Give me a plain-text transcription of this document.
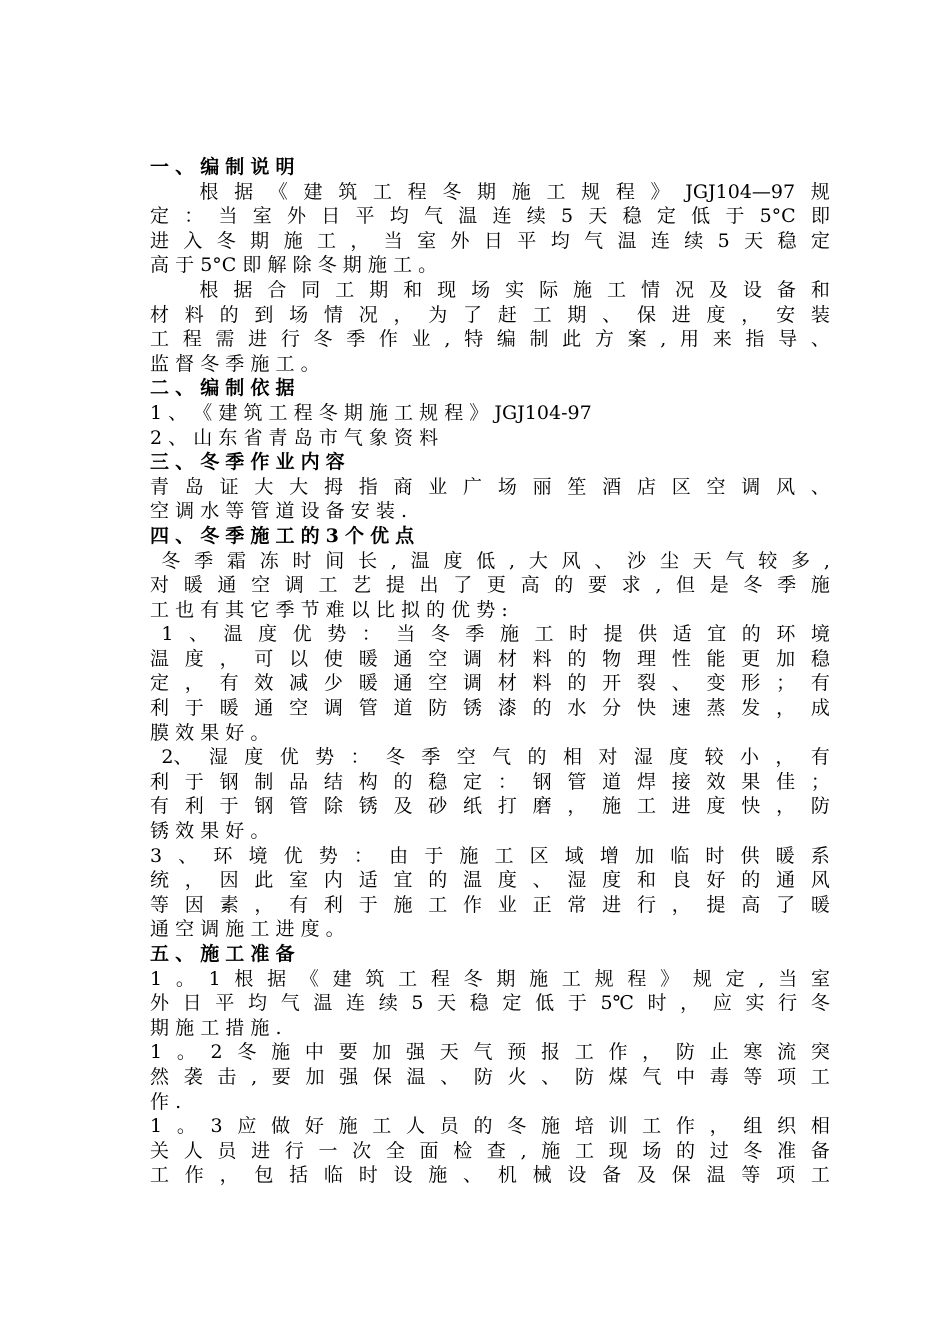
一 、 编 制 说 明
根 据 《 建 筑 工 程 冬 期 施 工 规 程 》 JGJ104—97 规
定 ： 当 室 外 日 平 均 气 温 连 续 5 天 稳 定 低 于 5°C 即
进 入 冬 期 施 工 ， 当 室 外 日 平 均 气 温 连 续 5 天 稳 定
高 于 5°C 即 解 除 冬 期 施 工 。
根 据 合 同 工 期 和 现 场 实 际 施 工 情 况 及 设 备 和
材 料 的 到 场 情 况 ， 为 了 赶 工 期 、 保 进 度 ， 安 装
工 程 需 进 行 冬 季 作 业 , 特 编 制 此 方 案 , 用 来 指 导 、
监 督 冬 季 施 工 。
二 、 编 制 依 据
1 、 《 建 筑 工 程 冬 期 施 工 规 程 》 JGJ104-97
2 、 山 东 省 青 岛 市 气 象 资 料
三 、 冬 季 作 业 内 容
青 岛 证 大 大 拇 指 商 业 广 场 丽 笙 酒 店 区 空 调 风 、
空 调 水 等 管 道 设 备 安 装 .
四 、 冬 季 施 工 的 3 个 优 点
冬 季 霜 冻 时 间 长 , 温 度 低 , 大 风 、 沙 尘 天 气 较 多 ,
对 暖 通 空 调 工 艺 提 出 了 更 高 的 要 求 , 但 是 冬 季 施
工 也 有 其 它 季 节 难 以 比 拟 的 优 势 :
1 、 温 度 优 势 ： 当 冬 季 施 工 时 提 供 适 宜 的 环 境
温 度 ， 可 以 使 暖 通 空 调 材 料 的 物 理 性 能 更 加 稳
定 ， 有 效 减 少 暖 通 空 调 材 料 的 开 裂 、 变 形 ； 有
利 于 暖 通 空 调 管 道 防 锈 漆 的 水 分 快 速 蒸 发 ， 成
膜 效 果 好 。
2、 湿 度 优 势 ： 冬 季 空 气 的 相 对 湿 度 较 小 ， 有
利 于 钢 制 品 结 构 的 稳 定 ： 钢 管 道 焊 接 效 果 佳 ；
有 利 于 钢 管 除 锈 及 砂 纸 打 磨 ， 施 工 进 度 快 ， 防
锈 效 果 好 。
3 、 环 境 优 势 ： 由 于 施 工 区 域 增 加 临 时 供 暖 系
统 ， 因 此 室 内 适 宜 的 温 度 、 湿 度 和 良 好 的 通 风
等 因 素 ， 有 利 于 施 工 作 业 正 常 进 行 ， 提 高 了 暖
通 空 调 施 工 进 度 。
五 、 施 工 准 备
1 。 1 根 据 《 建 筑 工 程 冬 期 施 工 规 程 》 规 定 , 当 室
外 日 平 均 气 温 连 续 5 天 稳 定 低 于 5℃ 时 ， 应 实 行 冬
期 施 工 措 施 .
1 。 2 冬 施 中 要 加 强 天 气 预 报 工 作 ， 防 止 寒 流 突
然 袭 击 , 要 加 强 保 温 、 防 火 、 防 煤 气 中 毒 等 项 工
作 .
1 。 3 应 做 好 施 工 人 员 的 冬 施 培 训 工 作 ， 组 织 相
关 人 员 进 行 一 次 全 面 检 查 , 施 工 现 场 的 过 冬 准 备
工 作 ， 包 括 临 时 设 施 、 机 械 设 备 及 保 温 等 项 工
